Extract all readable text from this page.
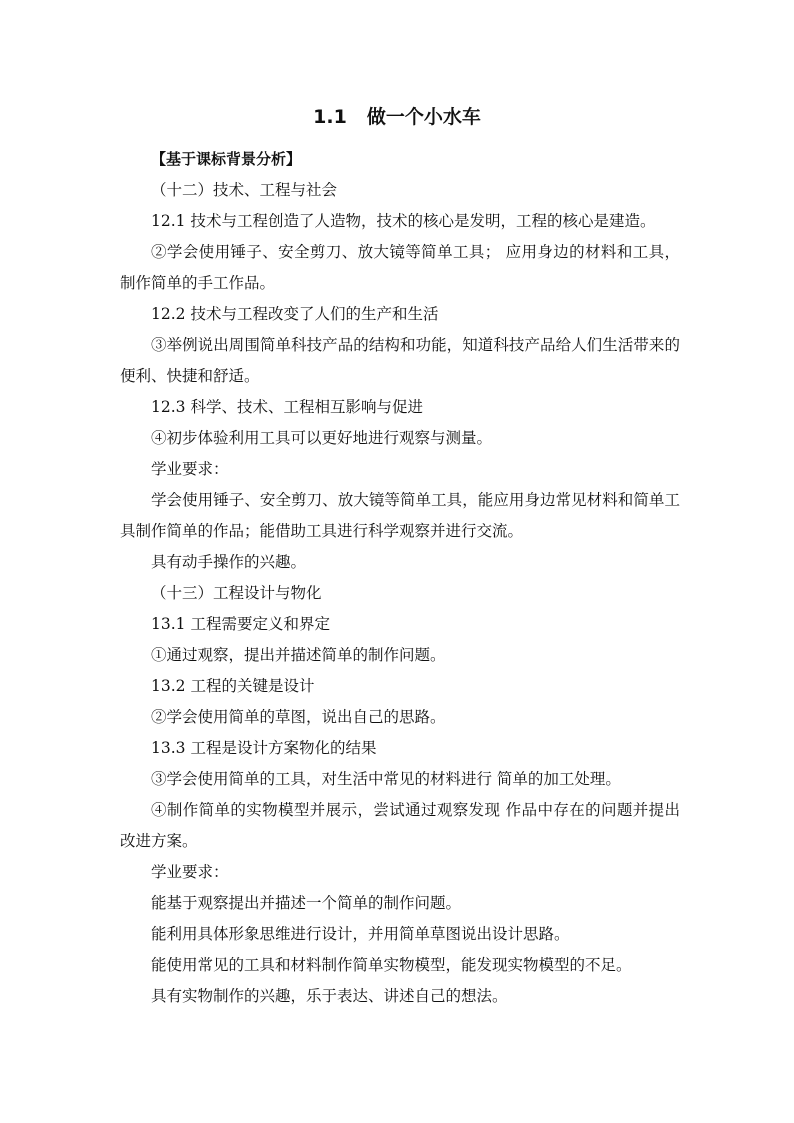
1.1 做一个小水车

【基于课标背景分析】

（十二）技术、工程与社会

12.1 技术与工程创造了人造物，技术的核心是发明，工程的核心是建造。

②学会使用锤子、安全剪刀、放大镜等简单工具； 应用身边的材料和工具，制作简单的手工作品。

12.2 技术与工程改变了人们的生产和生活

③举例说出周围简单科技产品的结构和功能，知道科技产品给人们生活带来的便利、快捷和舒适。

12.3 科学、技术、工程相互影响与促进

④初步体验利用工具可以更好地进行观察与测量。

学业要求：

学会使用锤子、安全剪刀、放大镜等简单工具，能应用身边常见材料和简单工具制作简单的作品；能借助工具进行科学观察并进行交流。

具有动手操作的兴趣。

（十三）工程设计与物化

13.1 工程需要定义和界定

①通过观察，提出并描述简单的制作问题。

13.2 工程的关键是设计

②学会使用简单的草图，说出自己的思路。

13.3 工程是设计方案物化的结果

③学会使用简单的工具，对生活中常见的材料进行 简单的加工处理。

④制作简单的实物模型并展示，尝试通过观察发现 作品中存在的问题并提出改进方案。

学业要求：

能基于观察提出并描述一个简单的制作问题。

能利用具体形象思维进行设计，并用简单草图说出设计思路。

能使用常见的工具和材料制作简单实物模型，能发现实物模型的不足。

具有实物制作的兴趣，乐于表达、讲述自己的想法。
